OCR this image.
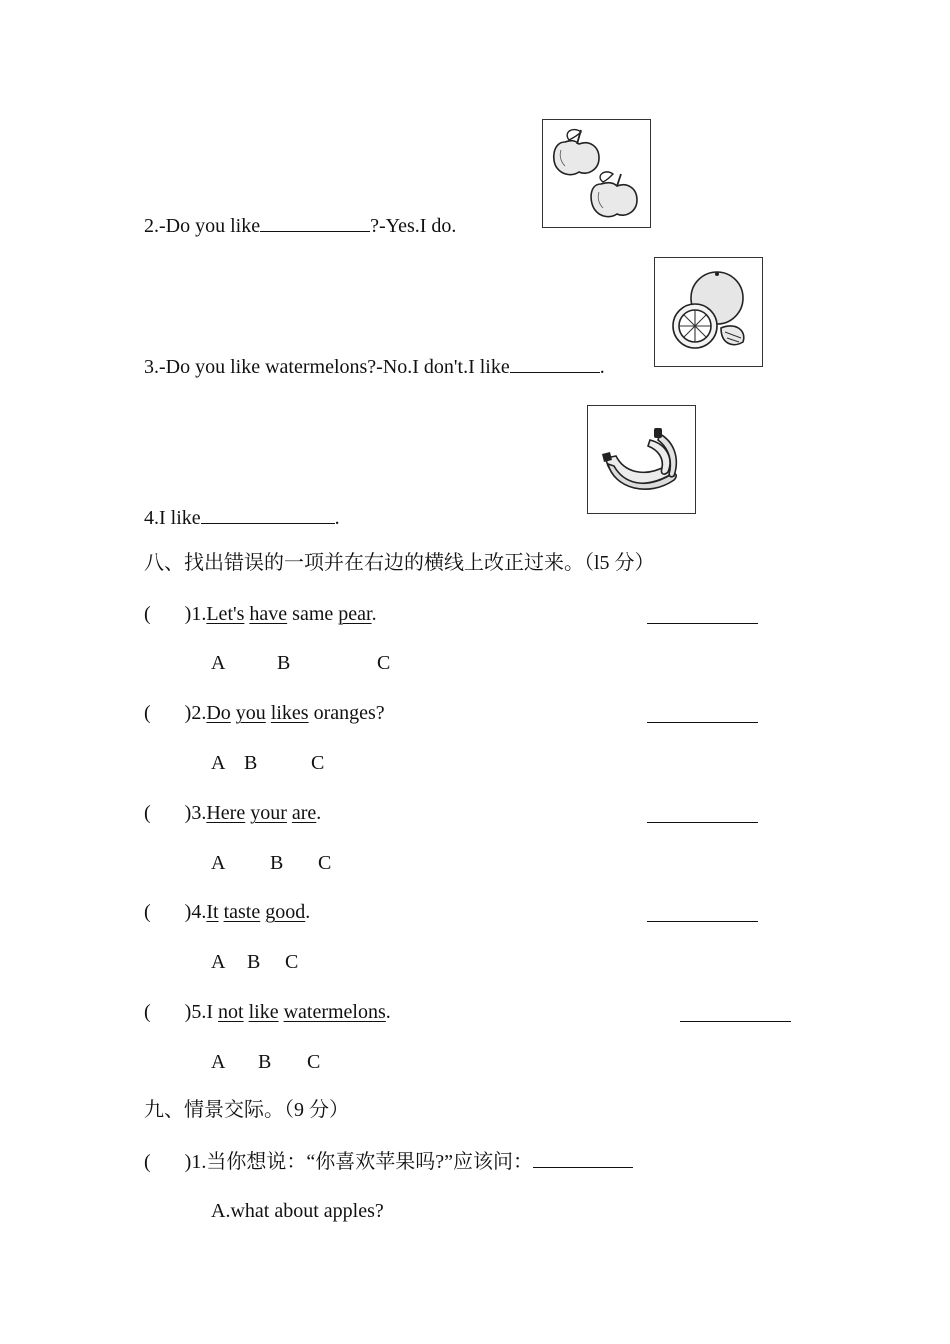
2.-Do you like	?-Yes.I do.
3.-Do you like watermelons?-No.I don't.I like	.
4.I like	.
八、找出错误的一项并在右边的横线上改正过来。（l5 分）
( )1.Let's have same pear.
A	B	C
( )2.Do you likes oranges?
A B	C
( )3.Here your are.
A B C
( )4.It taste good.
A B C
( )5.I not like watermelons.
A B C
九、情景交际。（9 分）
( )1.当你想说：“你喜欢苹果吗?”应该问：
A.what about apples?
